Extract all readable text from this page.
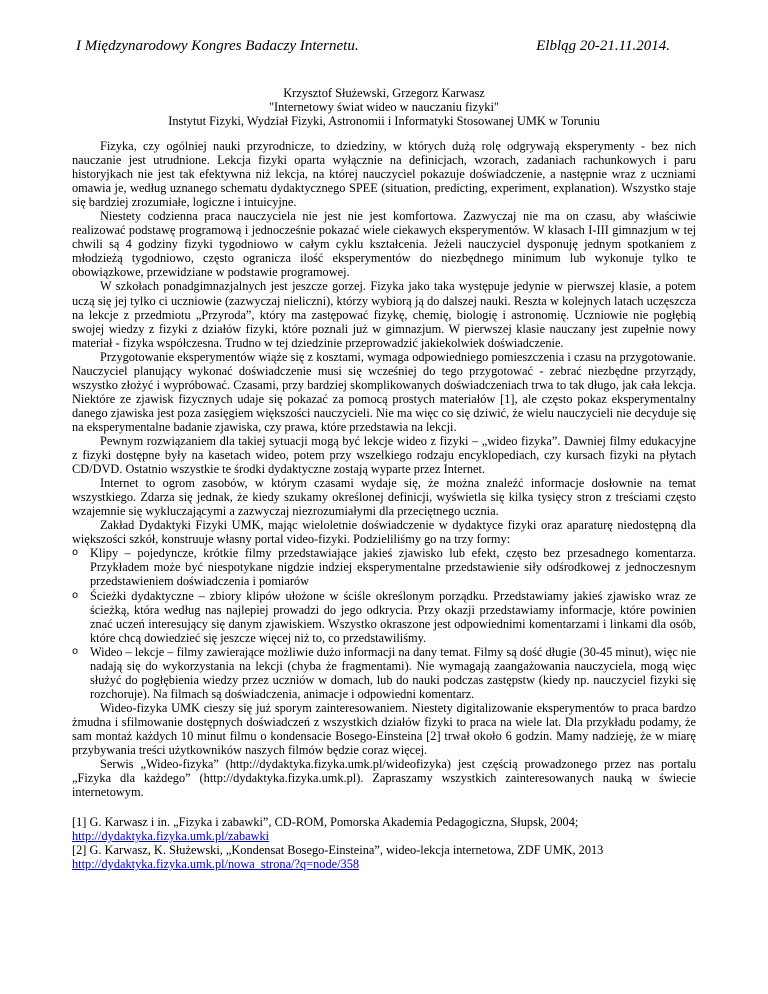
I Międzynarodowy Kongres Badaczy Internetu.	Elbląg 20-21.11.2014.
Krzysztof Służewski, Grzegorz Karwasz
"Internetowy świat wideo w nauczaniu fizyki"
Instytut Fizyki, Wydział Fizyki, Astronomii i Informatyki Stosowanej UMK w Toruniu

Fizyka, czy ogólniej nauki przyrodnicze, to dziedziny, w których dużą rolę odgrywają eksperymenty - bez nich nauczanie jest utrudnione. Lekcja fizyki oparta wyłącznie na definicjach, wzorach, zadaniach rachunkowych i paru historyjkach nie jest tak efektywna niż lekcja, na której nauczyciel pokazuje doświadczenie, a następnie wraz z uczniami omawia je, według uznanego schematu dydaktycznego SPEE (situation, predicting, experiment, explanation). Wszystko staje się bardziej zrozumiałe, logiczne i intuicyjne.

Niestety codzienna praca nauczyciela nie jest nie jest komfortowa. Zazwyczaj nie ma on czasu, aby właściwie realizować podstawę programową i jednocześnie pokazać wiele ciekawych eksperymentów. W klasach I-III gimnazjum w tej chwili są 4 godziny fizyki tygodniowo w całym cyklu kształcenia. Jeżeli nauczyciel dysponuję jednym spotkaniem z młodzieżą tygodniowo, często ogranicza ilość eksperymentów do niezbędnego minimum lub wykonuje tylko te obowiązkowe, przewidziane w podstawie programowej.

W szkołach ponadgimnazjalnych jest jeszcze gorzej. Fizyka jako taka występuje jedynie w pierwszej klasie, a potem uczą się jej tylko ci uczniowie (zazwyczaj nieliczni), którzy wybiorą ją do dalszej nauki. Reszta w kolejnych latach uczęszcza na lekcje z przedmiotu „Przyroda”, który ma zastępować fizykę, chemię, biologię i astronomię. Uczniowie nie pogłębią swojej wiedzy z fizyki z działów fizyki, które poznali już w gimnazjum. W pierwszej klasie nauczany jest zupełnie nowy materiał - fizyka współczesna. Trudno w tej dziedzinie przeprowadzić jakiekolwiek doświadczenie.

Przygotowanie eksperymentów wiąże się z kosztami, wymaga odpowiedniego pomieszczenia i czasu na przygotowanie. Nauczyciel planujący wykonać doświadczenie musi się wcześniej do tego przygotować - zebrać niezbędne przyrządy, wszystko złożyć i wypróbować. Czasami, przy bardziej skomplikowanych doświadczeniach trwa to tak długo, jak cała lekcja. Niektóre ze zjawisk fizycznych udaje się pokazać za pomocą prostych materiałów [1], ale często pokaz eksperymentalny danego zjawiska jest poza zasięgiem większości nauczycieli. Nie ma więc co się dziwić, że wielu nauczycieli nie decyduje się na eksperymentalne badanie zjawiska, czy prawa, które przedstawia na lekcji.

Pewnym rozwiązaniem dla takiej sytuacji mogą być lekcje wideo z fizyki – „wideo fizyka”. Dawniej filmy edukacyjne z fizyki dostępne były na kasetach wideo, potem przy wszelkiego rodzaju encyklopediach, czy kursach fizyki na płytach CD/DVD. Ostatnio wszystkie te środki dydaktyczne zostają wyparte przez Internet.

Internet to ogrom zasobów, w którym czasami wydaje się, że można znaleźć informacje dosłownie na temat wszystkiego. Zdarza się jednak, że kiedy szukamy określonej definicji, wyświetla się kilka tysięcy stron z treściami często wzajemnie się wykluczającymi a zazwyczaj niezrozumiałymi dla przeciętnego ucznia.

Zakład Dydaktyki Fizyki UMK, mając wieloletnie doświadczenie w dydaktyce fizyki oraz aparaturę niedostępną dla większości szkół, konstruuje własny portal video-fizyki. Podzieliliśmy go na trzy formy:

o Klipy – pojedyncze, krótkie filmy przedstawiające jakieś zjawisko lub efekt, często bez przesadnego komentarza. Przykładem może być niespotykane nigdzie indziej eksperymentalne przedstawienie siły odśrodkowej z jednoczesnym przedstawieniem doświadczenia i pomiarów
o Ścieżki dydaktyczne – zbiory klipów ułożone w ściśle określonym porządku. Przedstawiamy jakieś zjawisko wraz ze ścieżką, która według nas najlepiej prowadzi do jego odkrycia. Przy okazji przedstawiamy informacje, które powinien znać uczeń interesujący się danym zjawiskiem. Wszystko okraszone jest odpowiednimi komentarzami i linkami dla osób, które chcą dowiedzieć się jeszcze więcej niż to, co przedstawiliśmy.
o Wideo – lekcje – filmy zawierające możliwie dużo informacji na dany temat. Filmy są dość długie (30-45 minut), więc nie nadają się do wykorzystania na lekcji (chyba że fragmentami). Nie wymagają zaangażowania nauczyciela, mogą więc służyć do pogłębienia wiedzy przez uczniów w domach, lub do nauki podczas zastępstw (kiedy np. nauczyciel fizyki się rozchoruje). Na filmach są doświadczenia, animacje i odpowiedni komentarz.

Wideo-fizyka UMK cieszy się już sporym zainteresowaniem. Niestety digitalizowanie eksperymentów to praca bardzo żmudna i sfilmowanie dostępnych doświadczeń z wszystkich działów fizyki to praca na wiele lat. Dla przykładu podamy, że sam montaż każdych 10 minut filmu o kondensacie Bosego-Einsteina [2] trwał około 6 godzin. Mamy nadzieję, że w miarę przybywania treści użytkowników naszych filmów będzie coraz więcej.

Serwis „Wideo-fizyka” (http://dydaktyka.fizyka.umk.pl/wideofizyka) jest częścią prowadzonego przez nas portalu „Fizyka dla każdego” (http://dydaktyka.fizyka.umk.pl). Zapraszamy wszystkich zainteresowanych nauką w świecie internetowym.

[1] G. Karwasz i in. „Fizyka i zabawki”, CD-ROM, Pomorska Akademia Pedagogiczna, Słupsk, 2004;

http://dydaktyka.fizyka.umk.pl/zabawki

[2] G. Karwasz, K. Służewski, „Kondensat Bosego-Einsteina”, wideo-lekcja internetowa, ZDF UMK, 2013

http://dydaktyka.fizyka.umk.pl/nowa_strona/?q=node/358
